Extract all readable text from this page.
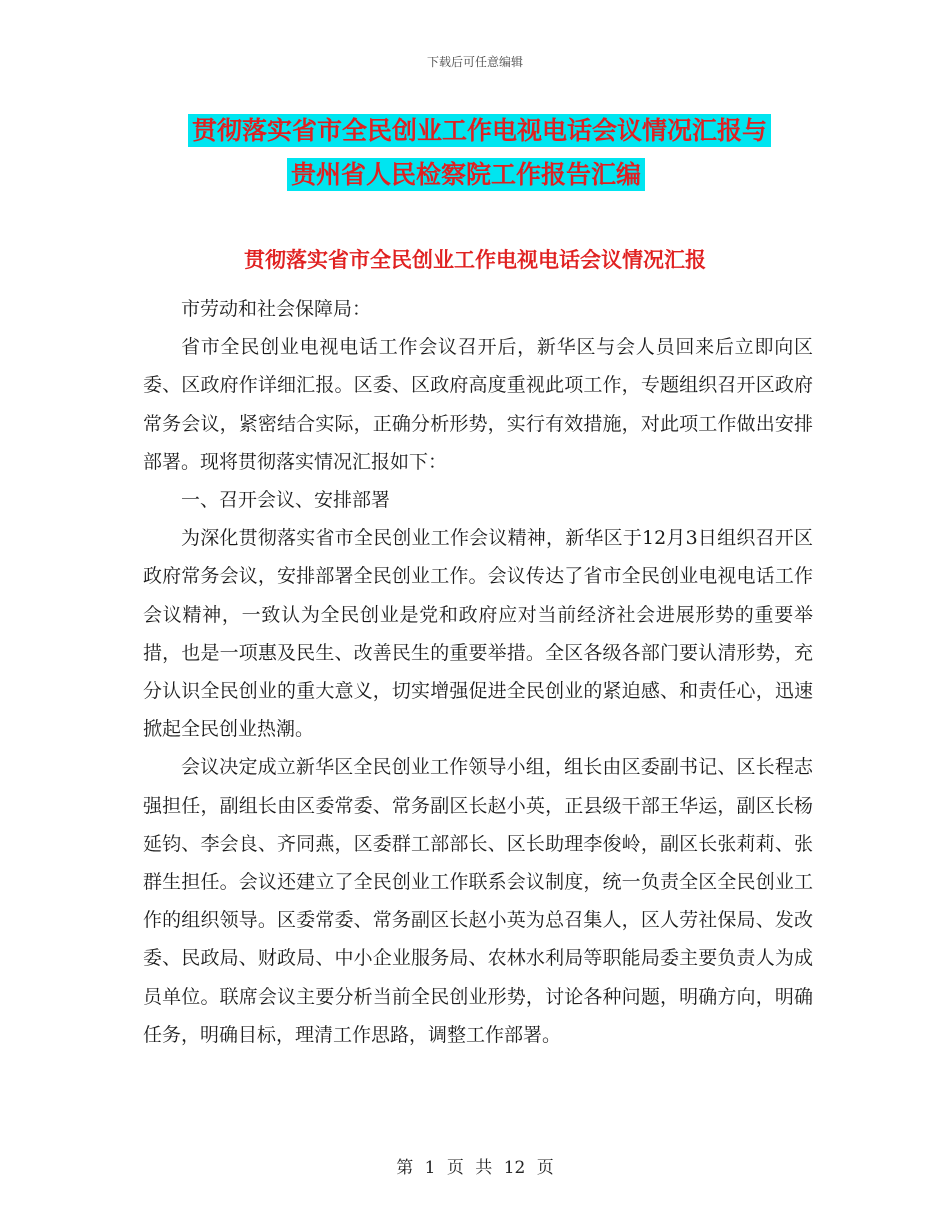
下载后可任意编辑
贯彻落实省市全民创业工作电视电话会议情况汇报与
贵州省人民检察院工作报告汇编
贯彻落实省市全民创业工作电视电话会议情况汇报

市劳动和社会保障局：

省市全民创业电视电话工作会议召开后，新华区与会人员回来后立即向区委、区政府作详细汇报。区委、区政府高度重视此项工作，专题组织召开区政府常务会议，紧密结合实际，正确分析形势，实行有效措施，对此项工作做出安排部署。现将贯彻落实情况汇报如下：

一、召开会议、安排部署

为深化贯彻落实省市全民创业工作会议精神，新华区于12月3日组织召开区政府常务会议，安排部署全民创业工作。会议传达了省市全民创业电视电话工作会议精神，一致认为全民创业是党和政府应对当前经济社会进展形势的重要举措，也是一项惠及民生、改善民生的重要举措。全区各级各部门要认清形势，充分认识全民创业的重大意义，切实增强促进全民创业的紧迫感、和责任心，迅速掀起全民创业热潮。

会议决定成立新华区全民创业工作领导小组，组长由区委副书记、区长程志强担任，副组长由区委常委、常务副区长赵小英，正县级干部王华运，副区长杨延钧、李会良、齐同燕，区委群工部部长、区长助理李俊岭，副区长张莉莉、张群生担任。会议还建立了全民创业工作联系会议制度，统一负责全区全民创业工作的组织领导。区委常委、常务副区长赵小英为总召集人，区人劳社保局、发改委、民政局、财政局、中小企业服务局、农林水利局等职能局委主要负责人为成员单位。联席会议主要分析当前全民创业形势，讨论各种问题，明确方向，明确任务，明确目标，理清工作思路，调整工作部署。

第 1 页 共 12 页
